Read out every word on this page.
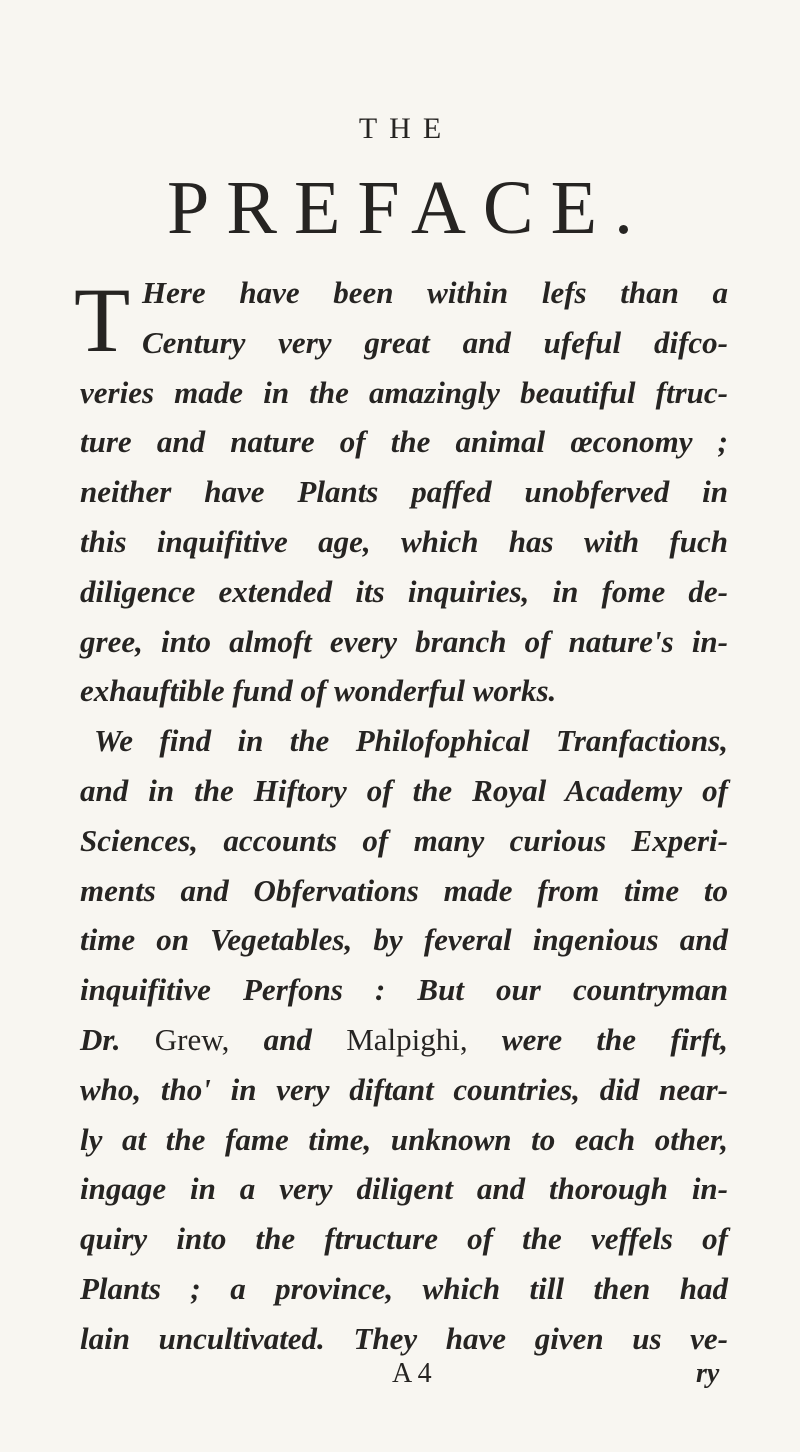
THE
PREFACE.
T Here have been within lefs than a
Century very great and ufeful difco-
veries made in the amazingly beautiful ftruc-
ture and nature of the animal œconomy ;
neither have Plants paffed unobferved in
this inquifitive age, which has with fuch
diligence extended its inquiries, in fome de-
gree, into almoft every branch of nature's in-
exhauftible fund of wonderful works.
We find in the Philofophical Tranfactions,
and in the Hiftory of the Royal Academy of
Sciences, accounts of many curious Experi-
ments and Obfervations made from time to
time on Vegetables, by feveral ingenious and
inquifitive Perfons : But our countryman
Dr. Grew, and Malpighi, were the firft,
who, tho' in very diftant countries, did near-
ly at the fame time, unknown to each other,
ingage in a very diligent and thorough in-
quiry into the ftructure of the veffels of
Plants ; a province, which till then had
lain uncultivated. They have given us ve-
A 4	ry
